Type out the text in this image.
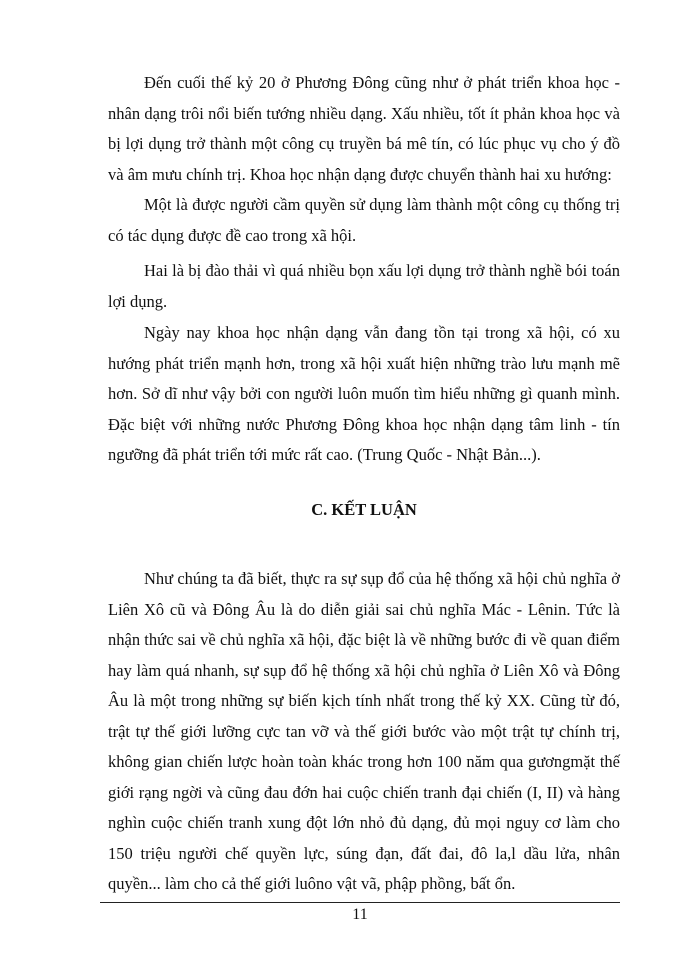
Đến cuối thế kỷ 20 ở Phương Đông cũng như ở phát triển khoa học - nhân dạng trôi nổi biến tướng nhiều dạng. Xấu nhiều, tốt ít phản khoa học và bị lợi dụng trở thành một công cụ truyền bá mê tín, có lúc phục vụ cho ý đồ và âm mưu chính trị. Khoa học nhận dạng được chuyển thành hai xu hướng:

Một là được người cầm quyền sử dụng làm thành một công cụ thống trị có tác dụng được đề cao trong xã hội.

Hai là bị đào thải vì quá nhiều bọn xấu lợi dụng trở thành nghề bói toán lợi dụng.

Ngày nay khoa học nhận dạng vẫn đang tồn tại trong xã hội, có xu hướng phát triển mạnh hơn, trong xã hội xuất hiện những trào lưu mạnh mẽ hơn. Sở dĩ như vậy bởi con người luôn muốn tìm hiểu những gì quanh mình. Đặc biệt với những nước Phương Đông khoa học nhận dạng tâm linh - tín ngưỡng đã phát triển tới mức rất cao. (Trung Quốc - Nhật Bản...).

C. KẾT LUẬN

Như chúng ta đã biết, thực ra sự sụp đổ của hệ thống xã hội chủ nghĩa ở Liên Xô cũ và Đông Âu là do diễn giải sai chủ nghĩa Mác - Lênin. Tức là nhận thức sai về chủ nghĩa xã hội, đặc biệt là về những bước đi về quan điểm hay làm quá nhanh, sự sụp đổ hệ thống xã hội chủ nghĩa ở Liên Xô và Đông Âu là một trong những sự biến kịch tính nhất trong thế kỷ XX. Cũng từ đó, trật tự thế giới lưỡng cực tan vỡ và thế giới bước vào một trật tự chính trị, không gian chiến lược hoàn toàn khác trong hơn 100 năm qua gươngmặt thế giới rạng ngời và cũng đau đớn hai cuộc chiến tranh đại chiến (I, II) và hàng nghìn cuộc chiến tranh xung đột lớn nhỏ đủ dạng, đủ mọi nguy cơ làm cho 150 triệu người chế quyền lực, súng đạn, đất đai, đô la,l dầu lửa, nhân quyền... làm cho cả thế giới luôno vật vã, phập phồng, bất ổn.

11
